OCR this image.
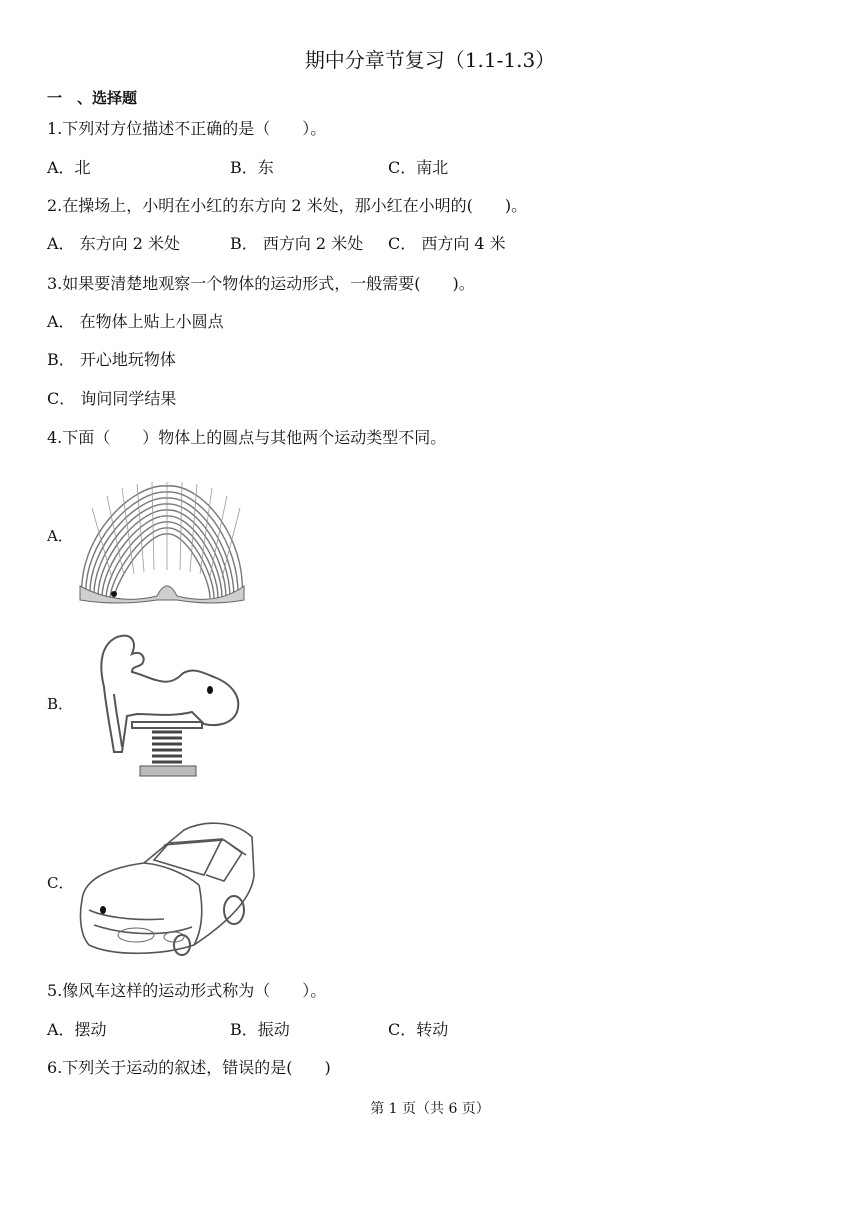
期中分章节复习（1.1-1.3）
一　、选择题
1.下列对方位描述不正确的是（　　）。
A．北	B．东	C．南北
2.在操场上，小明在小红的东方向 2 米处，那小红在小明的(　　)。
A． 东方向 2 米处	B． 西方向 2 米处 C． 西方向 4 米
3.如果要清楚地观察一个物体的运动形式，一般需要(　　)。
A． 在物体上贴上小圆点
B． 开心地玩物体
C． 询问同学结果
4.下面（　　）物体上的圆点与其他两个运动类型不同。
A．
B．
C．
5.像风车这样的运动形式称为（　　）。
A．摆动	B．振动	C．转动
6.下列关于运动的叙述，错误的是(　　)
第 1 页（共 6 页）
